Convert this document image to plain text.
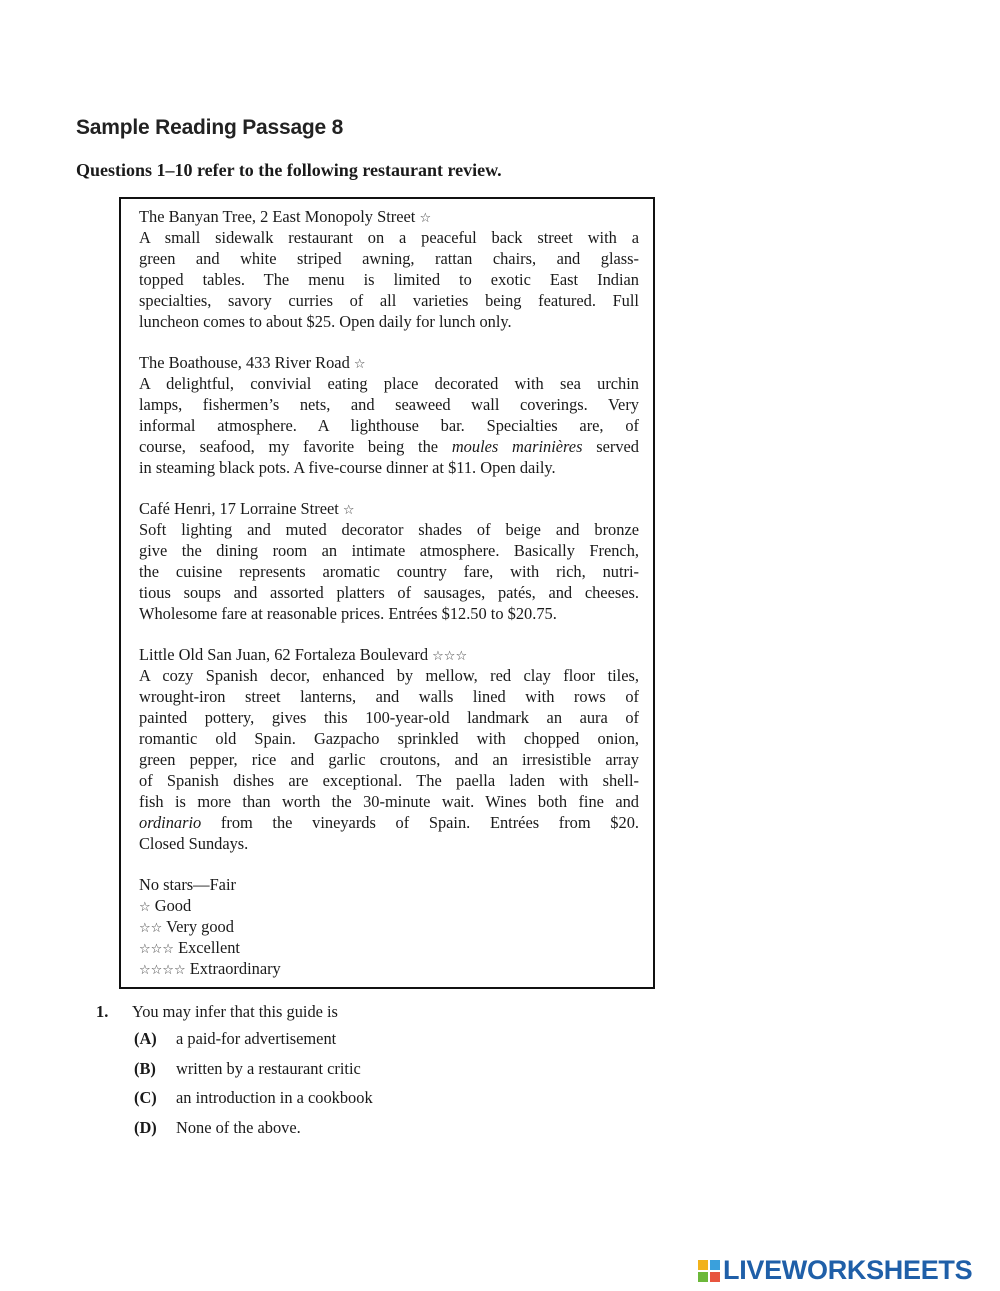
Sample Reading Passage 8
Questions 1–10 refer to the following restaurant review.
The Banyan Tree, 2 East Monopoly Street ☆
A small sidewalk restaurant on a peaceful back street with a
green and white striped awning, rattan chairs, and glass-
topped tables. The menu is limited to exotic East Indian
specialties, savory curries of all varieties being featured. Full
luncheon comes to about $25. Open daily for lunch only.
The Boathouse, 433 River Road ☆
A delightful, convivial eating place decorated with sea urchin
lamps, fishermen’s nets, and seaweed wall coverings. Very
informal atmosphere. A lighthouse bar. Specialties are, of
course, seafood, my favorite being the moules marinières served
in steaming black pots. A five-course dinner at $11. Open daily.
Café Henri, 17 Lorraine Street ☆
Soft lighting and muted decorator shades of beige and bronze
give the dining room an intimate atmosphere. Basically French,
the cuisine represents aromatic country fare, with rich, nutri-
tious soups and assorted platters of sausages, patés, and cheeses.
Wholesome fare at reasonable prices. Entrées $12.50 to $20.75.
Little Old San Juan, 62 Fortaleza Boulevard ☆☆☆
A cozy Spanish decor, enhanced by mellow, red clay floor tiles,
wrought-iron street lanterns, and walls lined with rows of
painted pottery, gives this 100-year-old landmark an aura of
romantic old Spain. Gazpacho sprinkled with chopped onion,
green pepper, rice and garlic croutons, and an irresistible array
of Spanish dishes are exceptional. The paella laden with shell-
fish is more than worth the 30-minute wait. Wines both fine and
ordinario from the vineyards of Spain. Entrées from $20.
Closed Sundays.
No stars—Fair
☆ Good
☆☆ Very good
☆☆☆ Excellent
☆☆☆☆ Extraordinary
1. You may infer that this guide is
(A) a paid-for advertisement
(B) written by a restaurant critic
(C) an introduction in a cookbook
(D) None of the above.
LIVEWORKSHEETS
